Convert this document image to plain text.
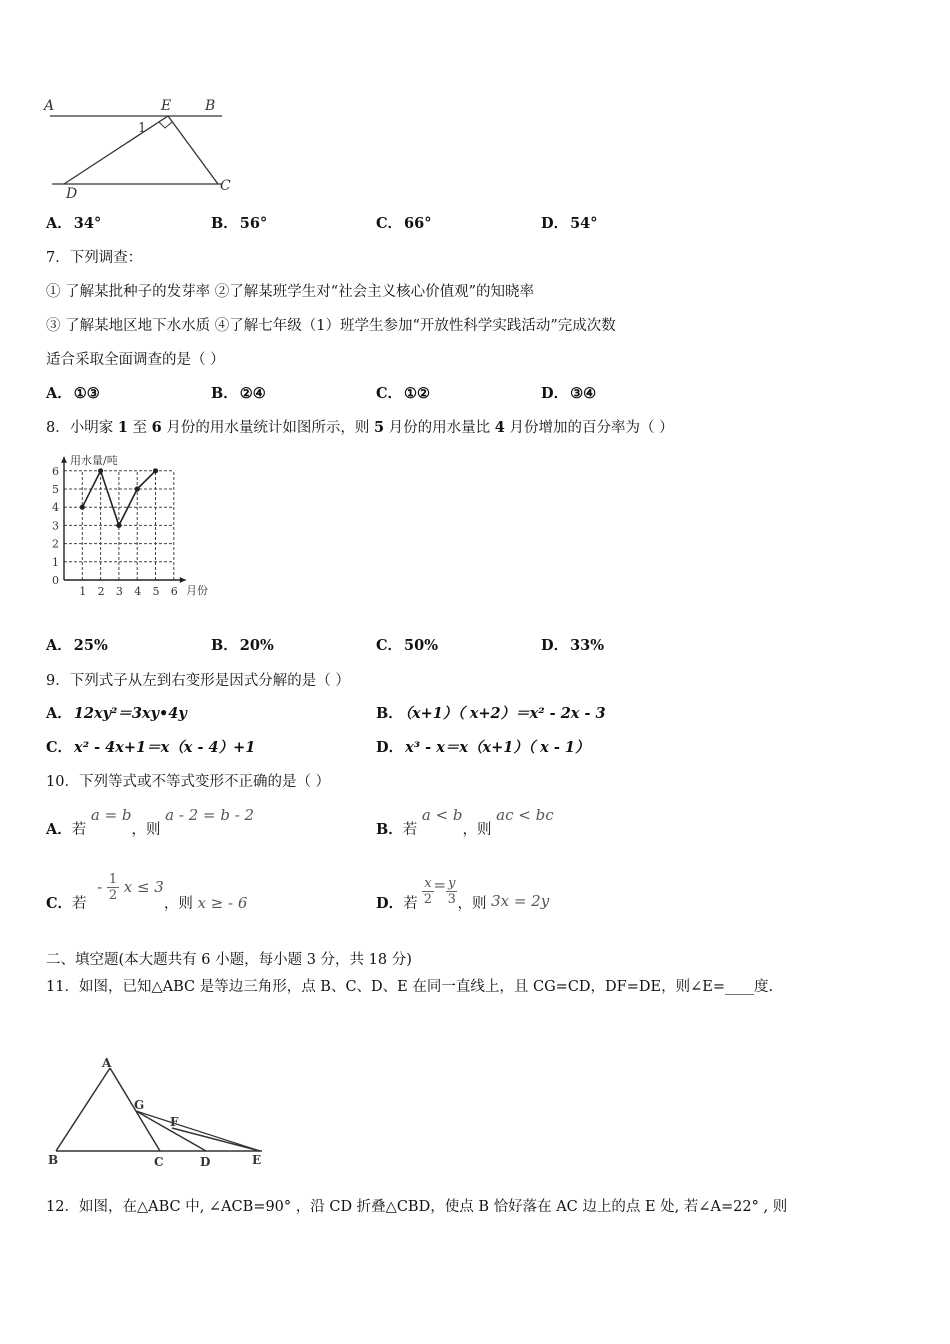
A	E B
1
D	C
A． 34°	B． 56°	C． 66°	D． 54°
7．下列调查：
① 了解某批种子的发芽率 ②了解某班学生对“社会主义核心价值观”的知晓率
③ 了解某地区地下水水质 ④了解七年级（1）班学生参加“开放性科学实践活动”完成次数
适合采取全面调查的是（ ）
A． ①③	B． ②④	C． ①②	D． ③④
8．小明家 1 至 6 月份的用水量统计如图所示，则 5 月份的用水量比 4 月份增加的百分率为（ ）
1 2 3 4 5 6
0
1
2
3
4
5
6
用水量/吨
月份
A． 25%	B． 20%	C． 50%	D． 33%
9．下列式子从左到右变形是因式分解的是（ ）
A． 12xy²＝3xy•4y	B． （x+1）（ x+2）＝x² - 2x - 3
C． x² - 4x+1＝x（x - 4）+1	D． x³ - x＝x（x+1）（ x - 1）
10．下列等式或不等式变形不正确的是（ ）
A．若 a = b，则 a - 2 = b - 2
B．若 a < b，则 ac < bc
C．若 - $\frac{1}{2}$ x ≤ 3，则 x ≥ - 6	D．若 $\frac{x}{2} = \frac{y}{3}$ ，则 3x = 2y
二、填空题(本大题共有 6 小题，每小题 3 分，共 18 分)
11．如图，已知△ABC 是等边三角形，点 B、C、D、E 在同一直线上，且 CG=CD，DF=DE，则∠E=____度.
A
G
F
B	C	D	E
12．如图，在△ABC 中, ∠ACB=90° ，沿 CD 折叠△CBD，使点 B 恰好落在 AC 边上的点 E 处, 若∠A=22° , 则
